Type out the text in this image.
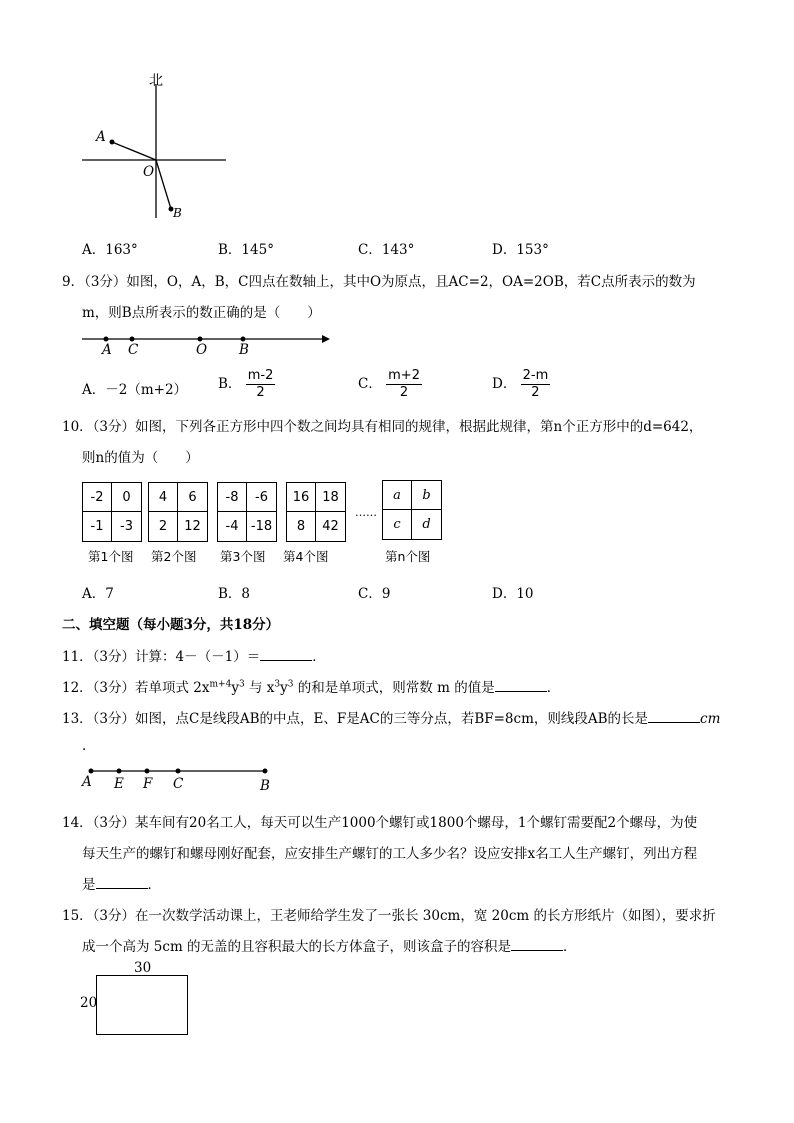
北
A
O
B
A．163°	B．145°	C．143°	D．153°
9．（3分）如图，O，A，B，C四点在数轴上，其中O为原点，且AC=2，OA=2OB，若C点所表示的数为
m，则B点所表示的数正确的是（　　）
A C	O B
A．－2（m+2） B． $\frac{m-2}{2}$	C． $\frac{m+2}{2}$	D． $\frac{2-m}{2}$
10．（3分）如图，下列各正方形中四个数之间均具有相同的规律，根据此规律，第n个正方形中的d=642，
则n的值为（　　）
-2	0
-1	-3
4	6
2	12
-8	-6
-4 -18
16 18
8	42
……
a	b
c	d
第1个图 第2个图 第3个图 第4个图	第n个图
A．7	B．8	C．9	D．10
二、填空题（每小题3分，共18分）
11．（3分）计算：4－（－1）＝	．
12．（3分）若单项式 $2x^{m+4}y^3$ 与 $x^3y^3$ 的和是单项式，则常数 m 的值是	．
13．（3分）如图，点C是线段AB的中点，E、F是AC的三等分点，若BF=8cm，则线段AB的长是	cm
．
A E F C	B
14．（3分）某车间有20名工人，每天可以生产1000个螺钉或1800个螺母，1个螺钉需要配2个螺母，为使
每天生产的螺钉和螺母刚好配套，应安排生产螺钉的工人多少名？设应安排x名工人生产螺钉，列出方程
是	．
15．（3分）在一次数学活动课上，王老师给学生发了一张长 30cm，宽 20cm 的长方形纸片（如图），要求折
成一个高为 5cm 的无盖的且容积最大的长方体盒子，则该盒子的容积是	．
30
20
